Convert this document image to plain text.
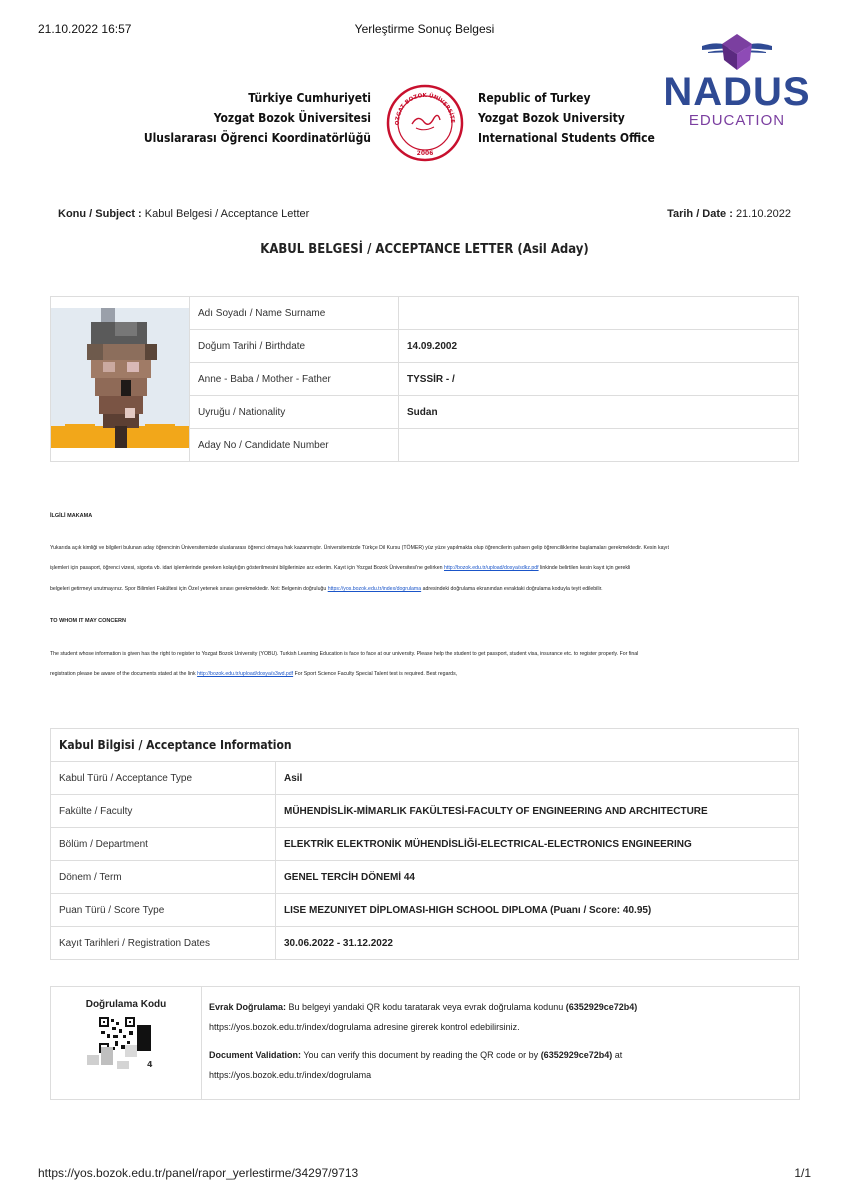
21.10.2022 16:57	Yerleştirme Sonuç Belgesi
Türkiye Cumhuriyeti
Yozgat Bozok Üniversitesi
Uluslararası Öğrenci Koordinatörlüğü
OZGAT BOZOK ÜNİVERSİTE
2006
Republic of Turkey
Yozgat Bozok University
International Students Office
NADUS
EDUCATION
Konu / Subject : Kabul Belgesi / Acceptance Letter	Tarih / Date : 21.10.2022
KABUL BELGESİ / ACCEPTANCE LETTER (Asil Aday)
	Adı Soyadı / Name Surname	
	Doğum Tarihi / Birthdate	14.09.2002
	Anne - Baba / Mother - Father	TYSSİR - /
	Uyruğu / Nationality	Sudan
	Aday No / Candidate Number	
İLGİLİ MAKAMA
Yukarıda açık kimliği ve bilgileri bulunan aday öğrencinin Üniversitemizde uluslararası öğrenci olmaya hak kazanmıştır. Üniversitemizde Türkçe Dil Kursu (TÖMER) yüz yüze yapılmakta olup öğrencilerin şahsen gelip öğrenciliklerine başlamaları gerekmektedir. Kesin kayıt
işlemleri için pasaport, öğrenci vizesi, sigorta vb. idari işlemlerinde gereken kolaylığın gösterilmesini bilgilerinize arz ederim. Kayıt için Yozgat Bozok Üniversitesi'ne gelirken http://bozok.edu.tr/upload/dosya/sdkz.pdf linkinde belirtilen kesin kayıt için gerekli
belgeleri getirmeyi unutmayınız. Spor Bilimleri Fakültesi için Özel yetenek sınavı gerekmektedir. Not: Belgenin doğruluğu https://yos.bozok.edu.tr/index/dogrulama adresindeki doğrulama ekranından evraktaki doğrulama koduyla teyit edilebilir.
TO WHOM IT MAY CONCERN
The student whose information is given has the right to register to Yozgat Bozok University (YOBU). Turkish Learning Education is face to face at our university. Please help the student to get passport, student visa, insurance etc. to register properly. For final
registration please be aware of the documents stated at the link http://bozok.edu.tr/upload/dosya/s3wd.pdf For Sport Science Faculty Special Talent test is required. Best regards,
Kabul Bilgisi / Acceptance Information	
Kabul Türü / Acceptance Type	Asil
Fakülte / Faculty	MÜHENDİSLİK-MİMARLIK FAKÜLTESİ-FACULTY OF ENGINEERING AND ARCHITECTURE
Bölüm / Department	ELEKTRİK ELEKTRONİK MÜHENDİSLİĞİ-ELECTRICAL-ELECTRONICS ENGINEERING
Dönem / Term	GENEL TERCİH DÖNEMİ 44
Puan Türü / Score Type	LISE MEZUNIYET DİPLOMASI-HIGH SCHOOL DIPLOMA (Puanı / Score: 40.95)
Kayıt Tarihleri / Registration Dates	30.06.2022 - 31.12.2022
Doğrulama Kodu
4
Evrak Doğrulama: Bu belgeyi yandaki QR kodu taratarak veya evrak doğrulama kodunu (6352929ce72b4)
https://yos.bozok.edu.tr/index/dogrulama adresine girerek kontrol edebilirsiniz.
Document Validation: You can verify this document by reading the QR code or by (6352929ce72b4) at
https://yos.bozok.edu.tr/index/dogrulama
https://yos.bozok.edu.tr/panel/rapor_yerlestirme/34297/9713	1/1
